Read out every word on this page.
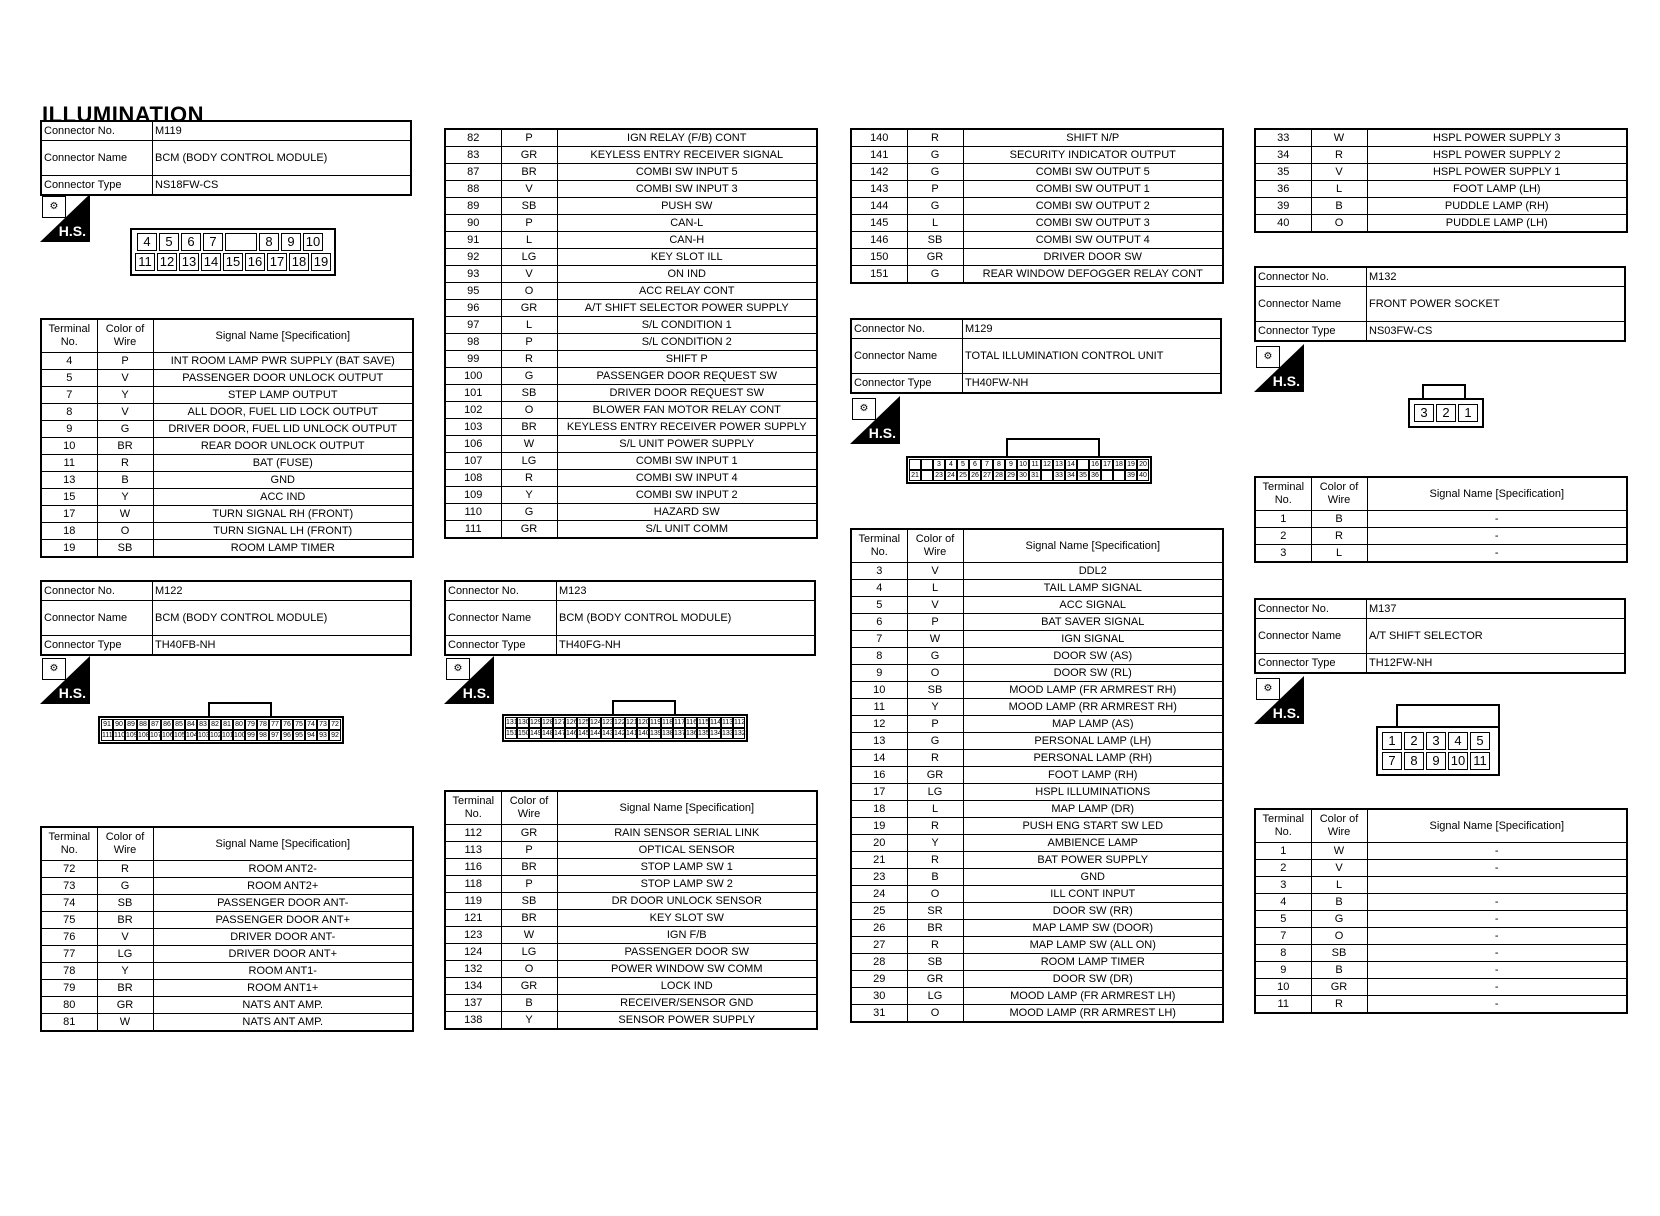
ILLUMINATION
Connector No.	M119
Connector Name	BCM (BODY CONTROL MODULE)
Connector Type	NS18FW-CS
⚙
H.S.
4	5	6	7	8	9 10
11 12 13 14 15 16 17 18 19
Terminal No.	Color of Wire	Signal Name [Specification]
4	P	INT ROOM LAMP PWR SUPPLY (BAT SAVE)
5	V	PASSENGER DOOR UNLOCK OUTPUT
7	Y	STEP LAMP OUTPUT
8	V	ALL DOOR, FUEL LID LOCK OUTPUT
9	G	DRIVER DOOR, FUEL LID UNLOCK OUTPUT
10	BR	REAR DOOR UNLOCK OUTPUT
11	R	BAT (FUSE)
13	B	GND
15	Y	ACC IND
17	W	TURN SIGNAL RH (FRONT)
18	O	TURN SIGNAL LH (FRONT)
19	SB	ROOM LAMP TIMER
Connector No.	M122
Connector Name	BCM (BODY CONTROL MODULE)
Connector Type	TH40FB-NH
⚙
H.S.
91 90 89 88 87 86 85 84 83 82 81 80 79 78 77 76 75 74 73 72
111 110 109 108 107 106 105 104 103 102 101 100 99 98 97 96 95 94 93 92
Terminal No.	Color of Wire	Signal Name [Specification]
72	R	ROOM ANT2-
73	G	ROOM ANT2+
74	SB	PASSENGER DOOR ANT-
75	BR	PASSENGER DOOR ANT+
76	V	DRIVER DOOR ANT-
77	LG	DRIVER DOOR ANT+
78	Y	ROOM ANT1-
79	BR	ROOM ANT1+
80	GR	NATS ANT AMP.
81	W	NATS ANT AMP.
82	P	IGN RELAY (F/B) CONT
83	GR	KEYLESS ENTRY RECEIVER SIGNAL
87	BR	COMBI SW INPUT 5
88	V	COMBI SW INPUT 3
89	SB	PUSH SW
90	P	CAN-L
91	L	CAN-H
92	LG	KEY SLOT ILL
93	V	ON IND
95	O	ACC RELAY CONT
96	GR	A/T SHIFT SELECTOR POWER SUPPLY
97	L	S/L CONDITION 1
98	P	S/L CONDITION 2
99	R	SHIFT P
100	G	PASSENGER DOOR REQUEST SW
101	SB	DRIVER DOOR REQUEST SW
102	O	BLOWER FAN MOTOR RELAY CONT
103	BR	KEYLESS ENTRY RECEIVER POWER SUPPLY
106	W	S/L UNIT POWER SUPPLY
107	LG	COMBI SW INPUT 1
108	R	COMBI SW INPUT 4
109	Y	COMBI SW INPUT 2
110	G	HAZARD SW
111	GR	S/L UNIT COMM
Connector No.	M123
Connector Name	BCM (BODY CONTROL MODULE)
Connector Type	TH40FG-NH
⚙
H.S.
131 130 129 128 127 126 125 124 123 122 121 120 119 118 117 116 115 114 113 112
151 150 149 148 147 146 145 144 143 142 141 140 139 138 137 136 135 134 133 132
Terminal No.	Color of Wire	Signal Name [Specification]
112	GR	RAIN SENSOR SERIAL LINK
113	P	OPTICAL SENSOR
116	BR	STOP LAMP SW 1
118	P	STOP LAMP SW 2
119	SB	DR DOOR UNLOCK SENSOR
121	BR	KEY SLOT SW
123	W	IGN F/B
124	LG	PASSENGER DOOR SW
132	O	POWER WINDOW SW COMM
134	GR	LOCK IND
137	B	RECEIVER/SENSOR GND
138	Y	SENSOR POWER SUPPLY
140	R	SHIFT N/P
141	G	SECURITY INDICATOR OUTPUT
142	G	COMBI SW OUTPUT 5
143	P	COMBI SW OUTPUT 1
144	G	COMBI SW OUTPUT 2
145	L	COMBI SW OUTPUT 3
146	SB	COMBI SW OUTPUT 4
150	GR	DRIVER DOOR SW
151	G	REAR WINDOW DEFOGGER RELAY CONT
Connector No.	M129
Connector Name	TOTAL ILLUMINATION CONTROL UNIT
Connector Type	TH40FW-NH
⚙
H.S.
3	4	5	6	7	8	9 10 11 12 13 14	16 17 18 19 20
21	23 24 25 26 27 28 29 30 31	33 34 35 36	39 40
Terminal No.	Color of Wire	Signal Name [Specification]
3	V	DDL2
4	L	TAIL LAMP SIGNAL
5	V	ACC SIGNAL
6	P	BAT SAVER SIGNAL
7	W	IGN SIGNAL
8	G	DOOR SW (AS)
9	O	DOOR SW (RL)
10	SB	MOOD LAMP (FR ARMREST RH)
11	Y	MOOD LAMP (RR ARMREST RH)
12	P	MAP LAMP (AS)
13	G	PERSONAL LAMP (LH)
14	R	PERSONAL LAMP (RH)
16	GR	FOOT LAMP (RH)
17	LG	HSPL ILLUMINATIONS
18	L	MAP LAMP (DR)
19	R	PUSH ENG START SW LED
20	Y	AMBIENCE LAMP
21	R	BAT POWER SUPPLY
23	B	GND
24	O	ILL CONT INPUT
25	SR	DOOR SW (RR)
26	BR	MAP LAMP SW (DOOR)
27	R	MAP LAMP SW (ALL ON)
28	SB	ROOM LAMP TIMER
29	GR	DOOR SW (DR)
30	LG	MOOD LAMP (FR ARMREST LH)
31	O	MOOD LAMP (RR ARMREST LH)
33	W	HSPL POWER SUPPLY 3
34	R	HSPL POWER SUPPLY 2
35	V	HSPL POWER SUPPLY 1
36	L	FOOT LAMP (LH)
39	B	PUDDLE LAMP (RH)
40	O	PUDDLE LAMP (LH)
Connector No.	M132
Connector Name	FRONT POWER SOCKET
Connector Type	NS03FW-CS
⚙
H.S.
3	2	1
Terminal No.	Color of Wire	Signal Name [Specification]
1	B	-
2	R	-
3	L	-
Connector No.	M137
Connector Name	A/T SHIFT SELECTOR
Connector Type	TH12FW-NH
⚙
H.S.
1	2	3	4	5
7	8	9 10 11
Terminal No.	Color of Wire	Signal Name [Specification]
1	W	-
2	V	-
3	L	
4	B	-
5	G	-
7	O	-
8	SB	-
9	B	-
10	GR	-
11	R	-
